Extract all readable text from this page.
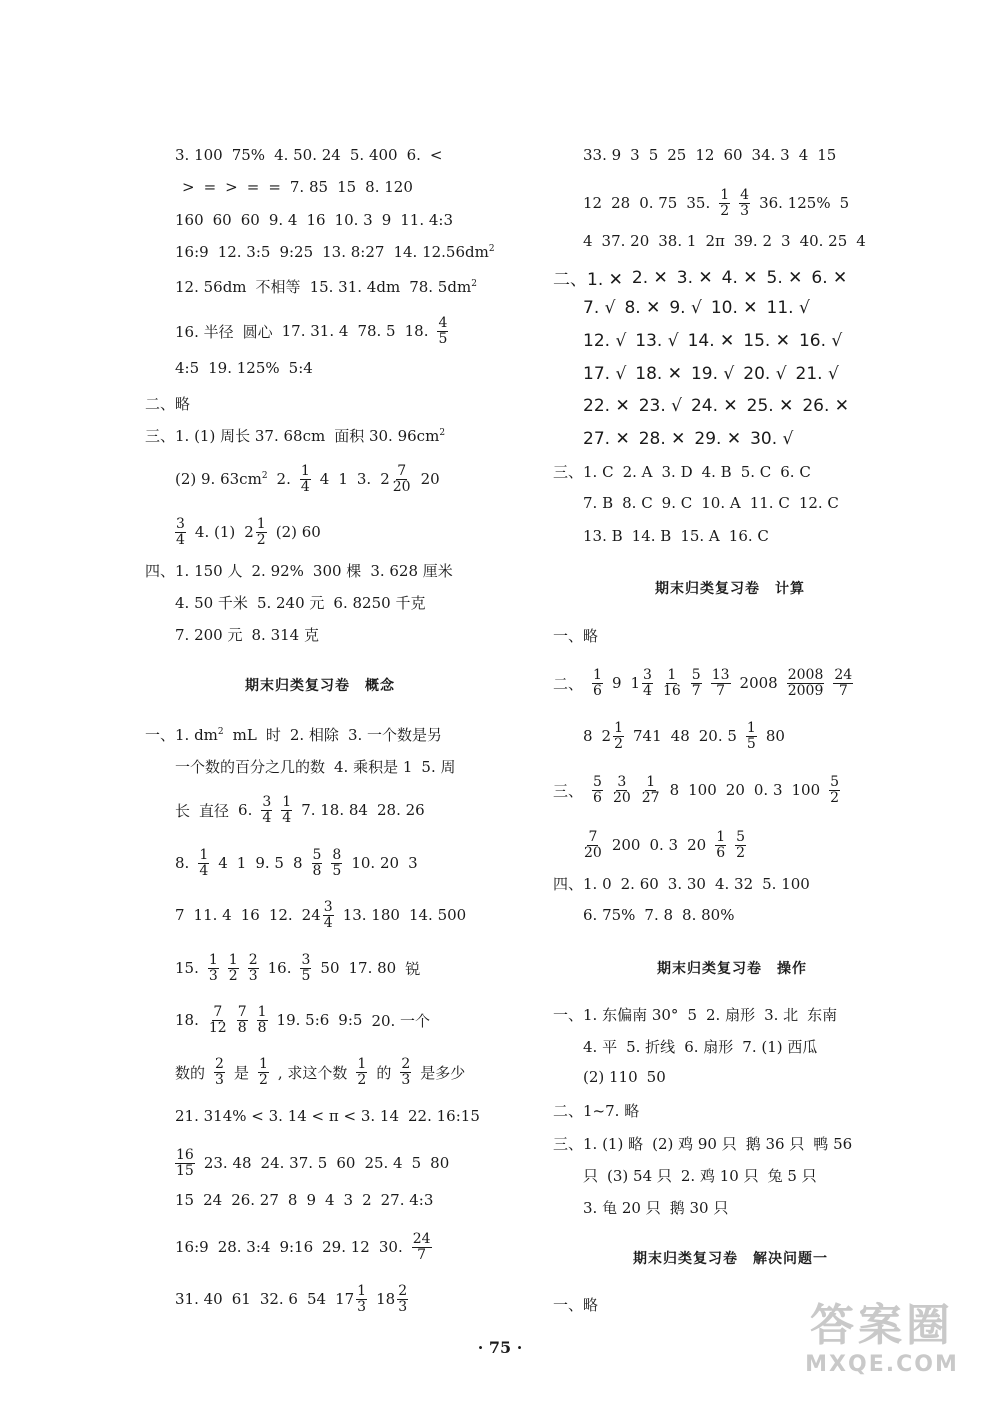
3. 100 75% 4. 50. 24 5. 400 6. <
> = > = = 7. 85 15 8. 120
160 60 60 9. 4 16 10. 3 9 11. 4:3
16:9 12. 3:5 9:25 13. 8:27 14. $12.56dm^2$
12. 56dm 不相等 15. 31. 4dm 78. $5dm^2$
16. 半径 圆心 17. 31. 4 78. 5 18. $\frac{4}{5}$
4:5 19. 125% 5:4
二、略
三、1. (1) 周长 37. 68cm 面积 30. $96cm^2$
(2) 9. $63cm^2$ 2. $\frac{1}{4} 4$ 1 3. $2 \frac{7}{20} 20$
$\frac{3}{4} 4$. (1) $2 \frac{1}{2} (2)$ 60
四、1. 150 人 2. 92% 300 棵 3. 628 厘米
4. 50 千米 5. 240 元 6. 8250 千克
7. 200 元 8. 314 克
一、1. $dm^2$ mL 时 2. 相除 3. 一个数是另
一个数的百分之几的数 4. 乘积是 1 5. 周
长 直径 6. $\frac{3}{4} \frac{1}{4} 7$. 18. 84 28. 26
8. $\frac{1}{4} 4$ 1 9. 5 $8 \frac{5}{8} \frac{8}{5} 10$. 20 3
7 11. 4 16 12. $24 \frac{3}{4} 13$. 180 14. 500
15. $\frac{1}{3} \frac{1}{2} \frac{2}{3} 16$. $\frac{3}{5} 50$ 17. 80 锐
18. $\frac{7}{12} \frac{7}{8} \frac{1}{8} 19$. 5:6 9:5 20. 一个
数的 $\frac{2}{3}$ 是 $\frac{1}{2}$ , 求这个数 $\frac{1}{2}$ 的 $\frac{2}{3}$ 是多少
21. 314% < 3. 14 < π < 3. 14 22. 16:15
$\frac{16}{15} 23$. 48 24. 37. 5 60 25. 4 5 80
15 24 26. 27 8 9 4 3 2 27. 4:3
16:9 28. 3:4 9:16 29. 12 30. $\frac{24}{7}$
31. 40 61 32. 6 54 $17 \frac{1}{3} 18 \frac{2}{3}$
期末归类复习卷　概念
33. 9 3 5 25 12 60 34. 3 4 15
12 28 0. 75 35. $\frac{1}{2} \frac{4}{3} 36$. 125% 5
4 37. 20 38. 1 2π 39. 2 3 40. 25 4
二、1. ✕ 2. ✕ 3. ✕ 4. ✕ 5. ✕ 6. ✕
7. √ 8. ✕ 9. √ 10. ✕ 11. √
12. √ 13. √ 14. ✕ 15. ✕ 16. √
17. √ 18. ✕ 19. √ 20. √ 21. √
22. ✕ 23. √ 24. ✕ 25. ✕ 26. ✕
27. ✕ 28. ✕ 29. ✕ 30. √
三、1. C 2. A 3. D 4. B 5. C 6. C
7. B 8. C 9. C 10. A 11. C 12. C
13. B 14. B 15. A 16. C
一、略
二、 $\frac{1}{6} 9$ $1 \frac{3}{4} \frac{1}{16} \frac{5}{7} \frac{13}{7} 2008 \frac{2008}{2009} \frac{24}{7}$
8 $2 \frac{1}{2} 741$ 48 20. $5 \frac{1}{5} 80$
三、 $\frac{5}{6} \frac{3}{20} \frac{1}{27} 8$ 100 20 0. 3 $100 \frac{5}{2}$
$\frac{7}{20} 200$ 0. 3 $20 \frac{1}{6} \frac{5}{2}$
四、1. 0 2. 60 3. 30 4. 32 5. 100
6. 75% 7. 8 8. 80%
一、1. 东偏南 30° 5 2. 扇形 3. 北 东南
4. 平 5. 折线 6. 扇形 7. (1) 西瓜
(2) 110 50
二、1~7. 略
三、1. (1) 略 (2) 鸡 90 只 鹅 36 只 鸭 56
只 (3) 54 只 2. 鸡 10 只 兔 5 只
3. 龟 20 只 鹅 30 只
一、略
期末归类复习卷　计算
期末归类复习卷　操作
期末归类复习卷　解决问题一
· 75 ·	答案圈
MXQE.COM
